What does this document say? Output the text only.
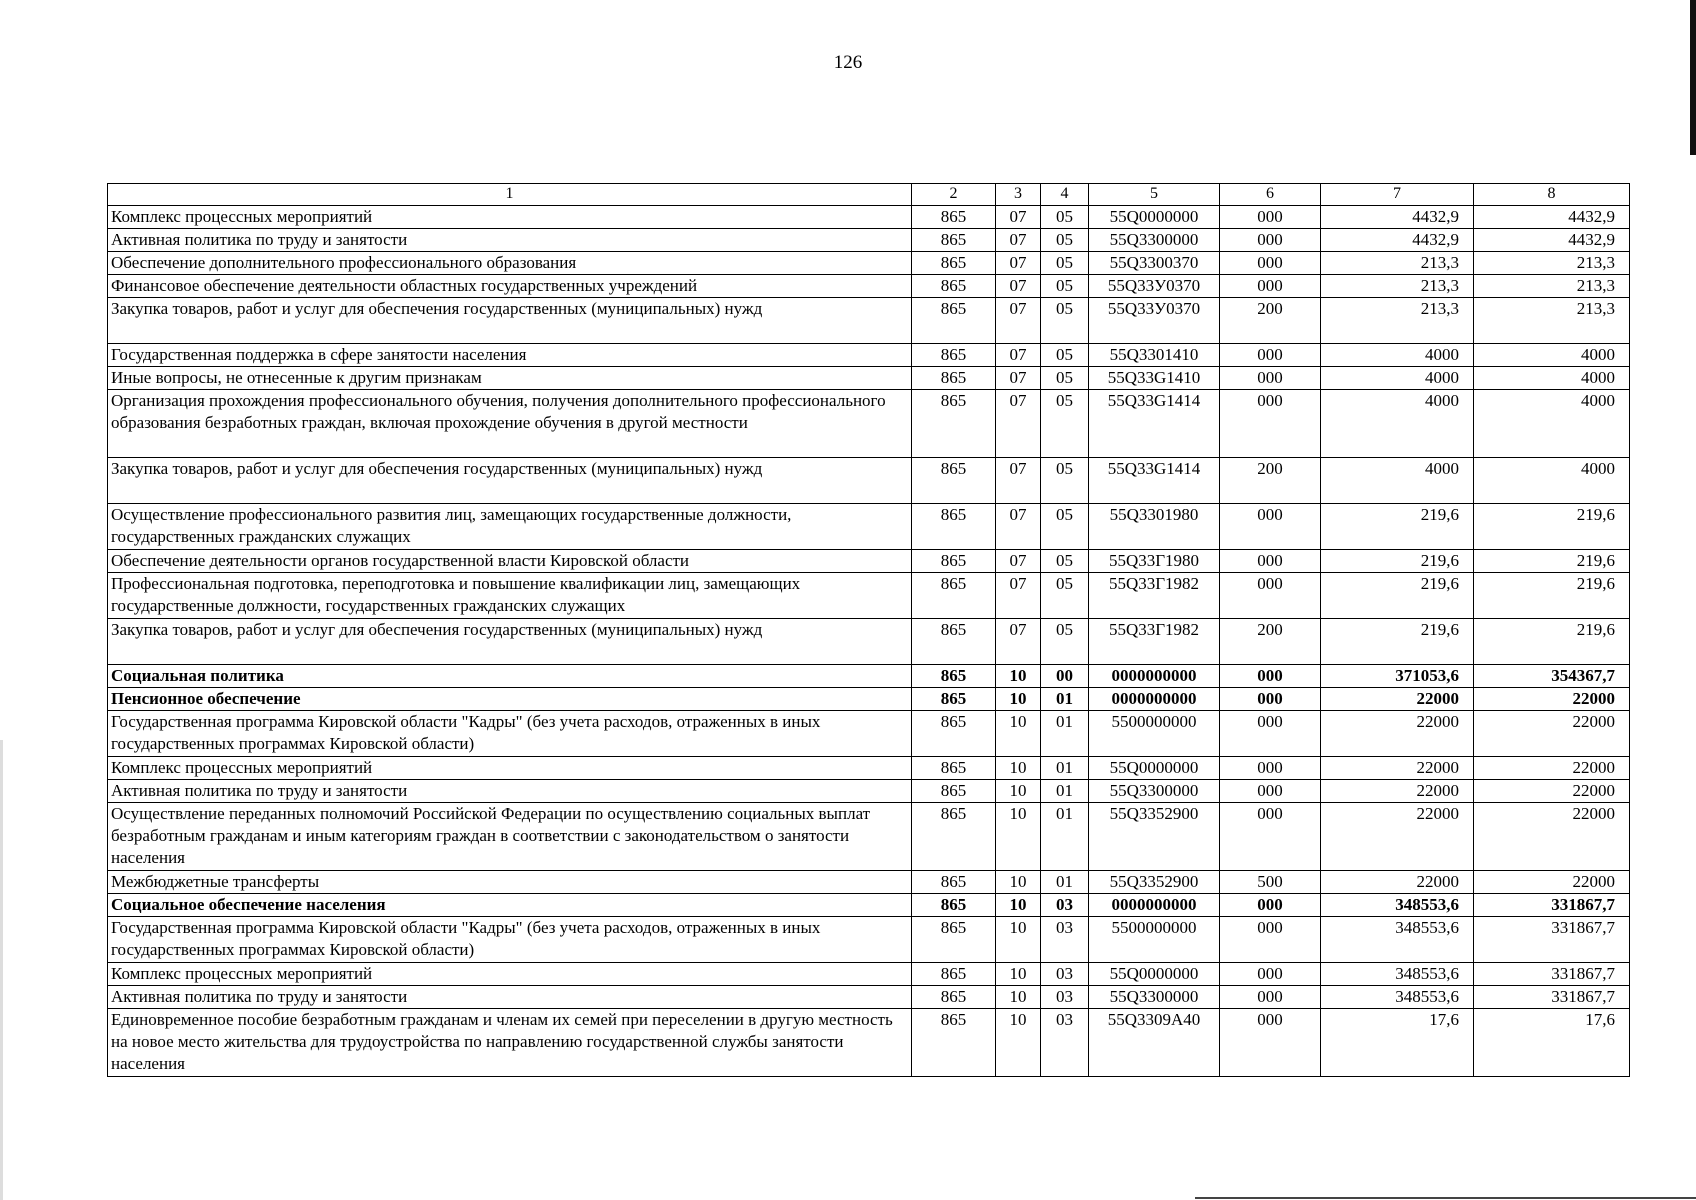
126
1	2	3	4	5	6	7	8
Комплекс процессных мероприятий	865	07	05	55Q0000000	000	4432,9	4432,9
Активная политика по труду и занятости	865	07	05	55Q3300000	000	4432,9	4432,9
Обеспечение дополнительного профессионального образования	865	07	05	55Q3300370	000	213,3	213,3
Финансовое обеспечение деятельности областных государственных учреждений	865	07	05	55Q33У0370	000	213,3	213,3
Закупка товаров, работ и услуг для обеспечения государственных (муниципальных) нужд	865	07	05	55Q33У0370	200	213,3	213,3
Государственная поддержка в сфере занятости населения	865	07	05	55Q3301410	000	4000	4000
Иные вопросы, не отнесенные к другим признакам	865	07	05	55Q33G1410	000	4000	4000
Организация прохождения профессионального обучения, получения дополнительного профессионального образования безработных граждан, включая прохождение обучения в другой местности	865	07	05	55Q33G1414	000	4000	4000
Закупка товаров, работ и услуг для обеспечения государственных (муниципальных) нужд	865	07	05	55Q33G1414	200	4000	4000
Осуществление профессионального развития лиц, замещающих государственные должности, государственных гражданских служащих	865	07	05	55Q3301980	000	219,6	219,6
Обеспечение деятельности органов государственной власти Кировской области	865	07	05	55Q33Г1980	000	219,6	219,6
Профессиональная подготовка, переподготовка и повышение квалификации лиц, замещающих государственные должности, государственных гражданских служащих	865	07	05	55Q33Г1982	000	219,6	219,6
Закупка товаров, работ и услуг для обеспечения государственных (муниципальных) нужд	865	07	05	55Q33Г1982	200	219,6	219,6
Социальная политика	865	10	00	0000000000	000	371053,6	354367,7
Пенсионное обеспечение	865	10	01	0000000000	000	22000	22000
Государственная программа Кировской области "Кадры" (без учета расходов, отраженных в иных государственных программах Кировской области)	865	10	01	5500000000	000	22000	22000
Комплекс процессных мероприятий	865	10	01	55Q0000000	000	22000	22000
Активная политика по труду и занятости	865	10	01	55Q3300000	000	22000	22000
Осуществление переданных полномочий Российской Федерации по осуществлению социальных выплат безработным гражданам и иным категориям граждан в соответствии с законодательством о занятости населения	865	10	01	55Q3352900	000	22000	22000
Межбюджетные трансферты	865	10	01	55Q3352900	500	22000	22000
Социальное обеспечение населения	865	10	03	0000000000	000	348553,6	331867,7
Государственная программа Кировской области "Кадры" (без учета расходов, отраженных в иных государственных программах Кировской области)	865	10	03	5500000000	000	348553,6	331867,7
Комплекс процессных мероприятий	865	10	03	55Q0000000	000	348553,6	331867,7
Активная политика по труду и занятости	865	10	03	55Q3300000	000	348553,6	331867,7
Единовременное пособие безработным гражданам и членам их семей при переселении в другую местность на новое место жительства для трудоустройства по направлению государственной службы занятости населения	865	10	03	55Q3309A40	000	17,6	17,6
